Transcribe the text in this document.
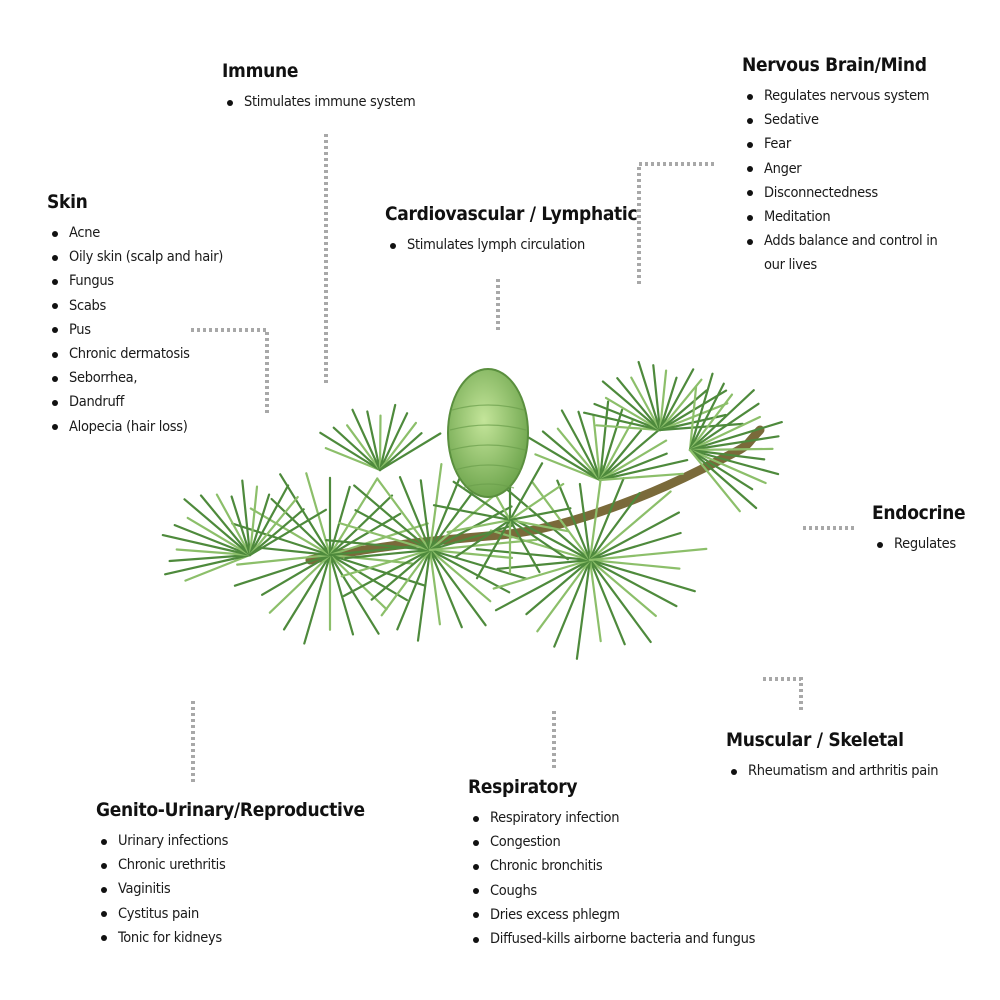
Immune
Stimulates immune system
Nervous Brain/Mind
Regulates nervous system
Sedative
Fear
Anger
Disconnectedness
Meditation
Adds balance and control in our lives
Skin
Acne
Oily skin (scalp and hair)
Fungus
Scabs
Pus
Chronic dermatosis
Seborrhea,
Dandruff
Alopecia (hair loss)
Cardiovascular / Lymphatic
Stimulates lymph circulation
Endocrine
Regulates
Muscular / Skeletal
Rheumatism and arthritis pain
Genito-Urinary/Reproductive
Urinary infections
Chronic urethritis
Vaginitis
Cystitus pain
Tonic for kidneys
Respiratory
Respiratory infection
Congestion
Chronic bronchitis
Coughs
Dries excess phlegm
Diffused-kills airborne bacteria and fungus
